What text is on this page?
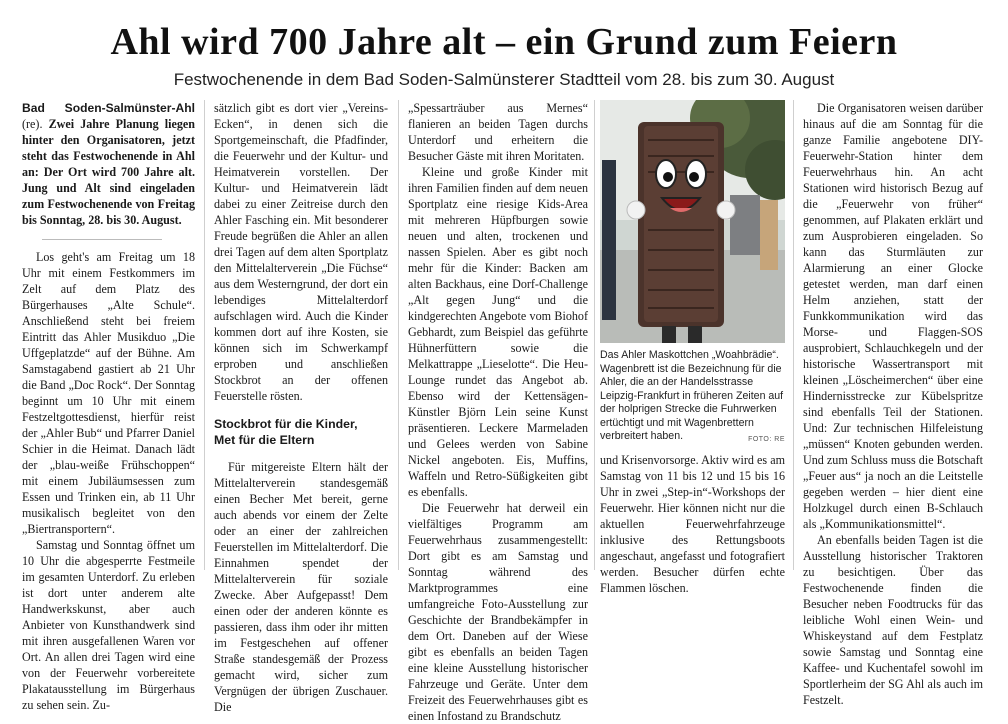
Ahl wird 700 Jahre alt – ein Grund zum Feiern
Festwochenende in dem Bad Soden-Salmünsterer Stadtteil vom 28. bis zum 30. August

Bad Soden-Salmünster-Ahl (re). Zwei Jahre Planung liegen hinter den Organisatoren, jetzt steht das Festwochenende in Ahl an: Der Ort wird 700 Jahre alt. Jung und Alt sind eingeladen zum Festwochenende von Freitag bis Sonntag, 28. bis 30. August.

Los geht's am Freitag um 18 Uhr mit einem Festkommers im Zelt auf dem Platz des Bürgerhauses „Alte Schule“. Anschließend steht bei freiem Eintritt das Ahler Musikduo „Die Uffgeplatzde“ auf der Bühne. Am Samstagabend gastiert ab 21 Uhr die Band „Doc Rock“. Der Sonntag beginnt um 10 Uhr mit einem Festzeltgottesdienst, hierfür reist der „Ahler Bub“ und Pfarrer Daniel Schier in die Heimat. Danach lädt der „blau-weiße Frühschoppen“ mit einem Jubiläumsessen zum Essen und Trinken ein, ab 11 Uhr musikalisch begleitet von den „Biertransportern“.

Samstag und Sonntag öffnet um 10 Uhr die abgesperrte Festmeile im gesamten Unterdorf. Zu erleben ist dort unter anderem alte Handwerkskunst, aber auch Anbieter von Kunsthandwerk sind mit ihren ausgefallenen Waren vor Ort. An allen drei Tagen wird eine von der Feuerwehr vorbereitete Plakatausstellung im Bürgerhaus zu sehen sein. Zu-

sätzlich gibt es dort vier „Vereins-Ecken“, in denen sich die Sportgemeinschaft, die Pfadfinder, die Feuerwehr und der Kultur- und Heimatverein vorstellen. Der Kultur- und Heimatverein lädt dabei zu einer Zeitreise durch den Ahler Fasching ein. Mit besonderer Freude begrüßen die Ahler an allen drei Tagen auf dem alten Sportplatz den Mittelalterverein „Die Füchse“ aus dem Westerngrund, der dort ein lebendiges Mittelalterdorf aufschlagen wird. Auch die Kinder kommen dort auf ihre Kosten, sie können sich im Schwerkampf erproben und anschließen Stockbrot an der offenen Feuerstelle rösten.

Stockbrot für die Kinder,
Met für die Eltern

Für mitgereiste Eltern hält der Mittelalterverein standesgemäß einen Becher Met bereit, gerne auch abends vor einem der Zelte oder an einer der zahlreichen Feuerstellen im Mittelalterdorf. Die Einnahmen spendet der Mittelalterverein für soziale Zwecke. Aber Aufgepasst! Dem einen oder der anderen könnte es passieren, dass ihm oder ihr mitten im Festgeschehen auf offener Straße standesgemäß der Prozess gemacht wird, sicher zum Vergnügen der übrigen Zuschauer. Die

„Spessarträuber aus Mernes“ flanieren an beiden Tagen durchs Unterdorf und erheitern die Besucher Gäste mit ihren Moritaten.

Kleine und große Kinder mit ihren Familien finden auf dem neuen Sportplatz eine riesige Kids-Area mit mehreren Hüpfburgen sowie neuen und alten, trockenen und nassen Spielen. Aber es gibt noch mehr für die Kinder: Backen am alten Backhaus, eine Dorf-Challenge „Alt gegen Jung“ und die kindgerechten Angebote vom Biohof Gebhardt, zum Beispiel das geführte Hühnerfüttern sowie die Melkattrappe „Lieselotte“. Die Heu-Lounge rundet das Angebot ab. Ebenso wird der Kettensägen-Künstler Björn Lein seine Kunst präsentieren. Leckere Marmeladen und Gelees werden von Sabine Nickel angeboten. Eis, Muffins, Waffeln und Retro-Süßigkeiten gibt es ebenfalls.

Die Feuerwehr hat derweil ein vielfältiges Programm am Feuerwehrhaus zusammengestellt: Dort gibt es am Samstag und Sonntag während des Marktprogrammes eine umfangreiche Foto-Ausstellung zur Geschichte der Brandbekämpfer in dem Ort. Daneben auf der Wiese gibt es ebenfalls an beiden Tagen eine kleine Ausstellung historischer Fahrzeuge und Geräte. Unter dem Freizeit des Feuerwehrhauses gibt es einen Infostand zu Brandschutz

Das Ahler Maskottchen „Woahbrädie“. Wagenbrett ist die Bezeichnung für die Ahler, die an der Handelsstrasse Leipzig-Frankfurt in früheren Zeiten auf der holprigen Strecke die Fuhrwerken ertüchtigt und mit Wagenbrettern verbreitert haben.	FOTO: RE

und Krisenvorsorge. Aktiv wird es am Samstag von 11 bis 12 und 15 bis 16 Uhr in zwei „Step-in“-Workshops der Feuerwehr. Hier können nicht nur die aktuellen Feuerwehrfahrzeuge inklusive des Rettungsboots angeschaut, angefasst und fotografiert werden. Besucher dürfen echte Flammen löschen.

Die Organisatoren weisen darüber hinaus auf die am Sonntag für die ganze Familie angebotene DIY-Feuerwehr-Station hinter dem Feuerwehrhaus hin. An acht Stationen wird historisch Bezug auf die „Feuerwehr von früher“ genommen, auf Plakaten erklärt und zum Ausprobieren eingeladen. So kann das Sturmläuten zur Alarmierung an einer Glocke getestet werden, man darf einen Helm anziehen, statt der Funkkommunikation wird das Morse- und Flaggen-SOS ausprobiert, Schlauchkegeln und der historische Wassertransport mit kleinen „Löscheimerchen“ über eine Hindernisstrecke zur Kübelspritze sind ebenfalls Teil der Stationen. Und: Zur technischen Hilfeleistung „müssen“ Knoten gebunden werden. Und zum Schluss muss die Botschaft „Feuer aus“ ja noch an die Leitstelle gegeben werden – hier dient eine Holzkugel durch einen B-Schlauch als „Kommunikationsmittel“.

An ebenfalls beiden Tagen ist die Ausstellung historischer Traktoren zu besichtigen. Über das Festwochenende finden die Besucher neben Foodtrucks für das leibliche Wohl einen Wein- und Whiskeystand auf dem Festplatz sowie Samstag und Sonntag eine Kaffee- und Kuchentafel sowohl im Sportlerheim der SG Ahl als auch im Festzelt.
